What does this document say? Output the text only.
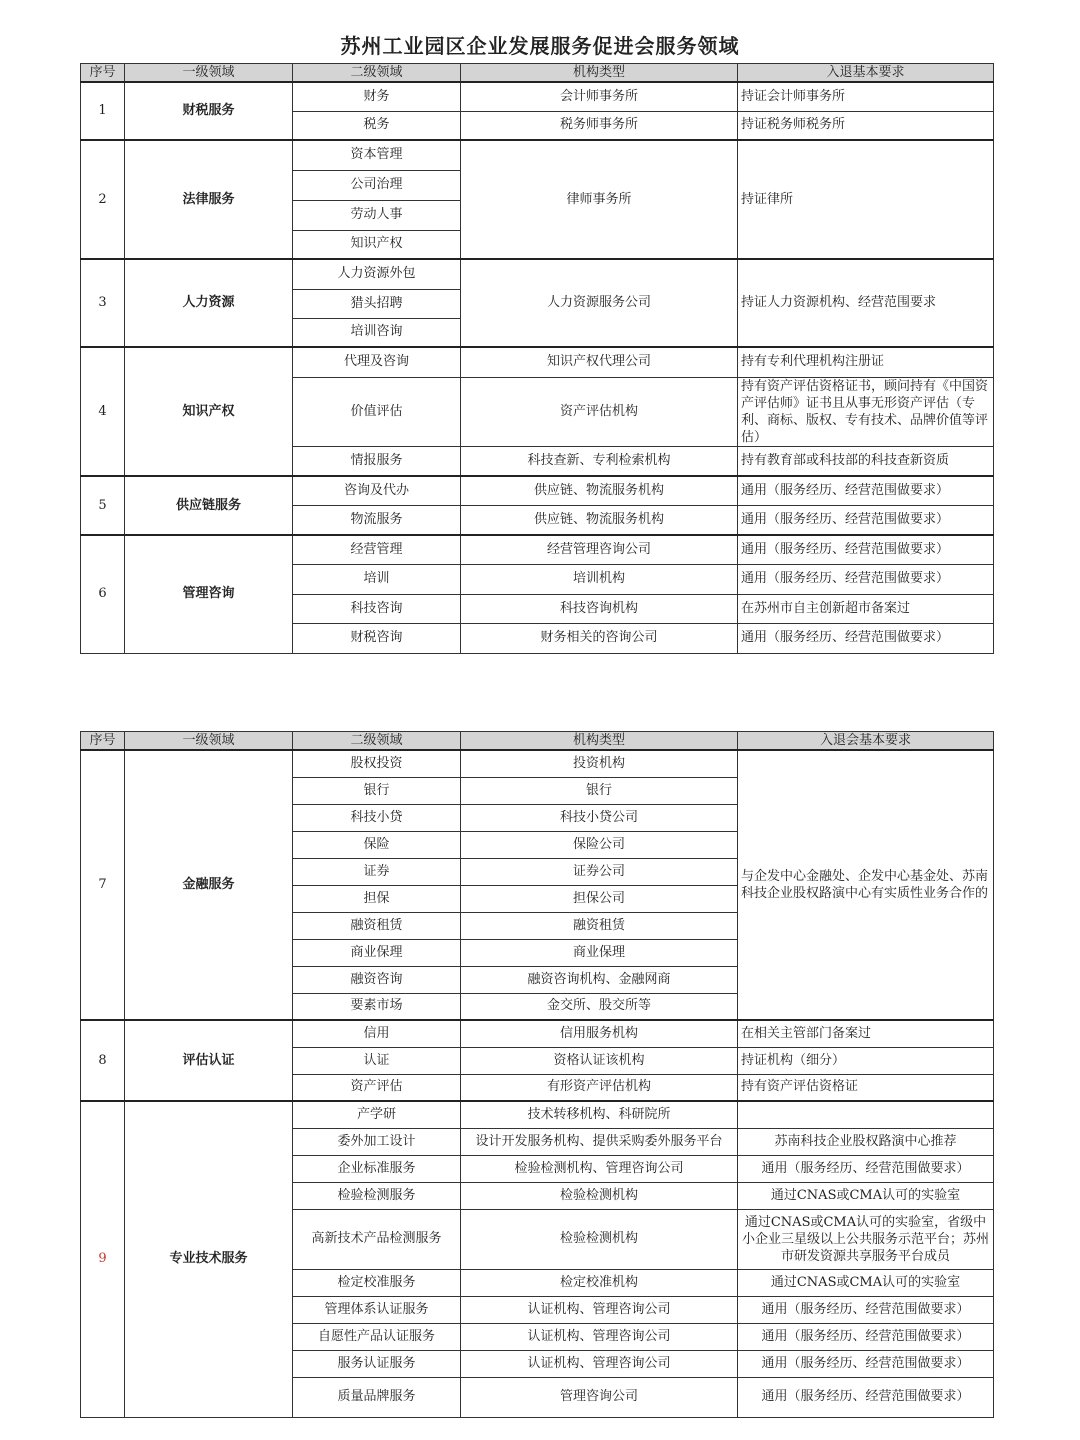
苏州工业园区企业发展服务促进会服务领域
序号	一级领域	二级领域	机构类型	入退基本要求
1	财税服务	财务	会计师事务所	持证会计师事务所
		税务	税务师事务所	持证税务师税务所
2	法律服务	资本管理	律师事务所	持证律所
		公司治理		
		劳动人事		
		知识产权		
3	人力资源	人力资源外包	人力资源服务公司	持证人力资源机构、经营范围要求
		猎头招聘		
		培训咨询		
4	知识产权	代理及咨询	知识产权代理公司	持有专利代理机构注册证
		价值评估	资产评估机构	持有资产评估资格证书，顾问持有《中国资产评估师》证书且从事无形资产评估（专利、商标、版权、专有技术、品牌价值等评估）
		情报服务	科技查新、专利检索机构	持有教育部或科技部的科技查新资质
5	供应链服务	咨询及代办	供应链、物流服务机构	通用（服务经历、经营范围做要求）
		物流服务	供应链、物流服务机构	通用（服务经历、经营范围做要求）
6	管理咨询	经营管理	经营管理咨询公司	通用（服务经历、经营范围做要求）
		培训	培训机构	通用（服务经历、经营范围做要求）
		科技咨询	科技咨询机构	在苏州市自主创新超市备案过
		财税咨询	财务相关的咨询公司	通用（服务经历、经营范围做要求）
序号	一级领域	二级领域	机构类型	入退会基本要求
7	金融服务	股权投资	投资机构	与企发中心金融处、企发中心基金处、苏南科技企业股权路演中心有实质性业务合作的
		银行	银行	
		科技小贷	科技小贷公司	
		保险	保险公司	
		证券	证券公司	
		担保	担保公司	
		融资租赁	融资租赁	
		商业保理	商业保理	
		融资咨询	融资咨询机构、金融网商	
		要素市场	金交所、股交所等	
8	评估认证	信用	信用服务机构	在相关主管部门备案过
		认证	资格认证该机构	持证机构（细分）
		资产评估	有形资产评估机构	持有资产评估资格证
9	专业技术服务	产学研	技术转移机构、科研院所	
		委外加工设计	设计开发服务机构、提供采购委外服务平台	苏南科技企业股权路演中心推荐
		企业标准服务	检验检测机构、管理咨询公司	通用（服务经历、经营范围做要求）
		检验检测服务	检验检测机构	通过CNAS或CMA认可的实验室
		高新技术产品检测服务	检验检测机构	通过CNAS或CMA认可的实验室，省级中小企业三星级以上公共服务示范平台；苏州市研发资源共享服务平台成员
		检定校准服务	检定校准机构	通过CNAS或CMA认可的实验室
		管理体系认证服务	认证机构、管理咨询公司	通用（服务经历、经营范围做要求）
		自愿性产品认证服务	认证机构、管理咨询公司	通用（服务经历、经营范围做要求）
		服务认证服务	认证机构、管理咨询公司	通用（服务经历、经营范围做要求）
		质量品牌服务	管理咨询公司	通用（服务经历、经营范围做要求）
